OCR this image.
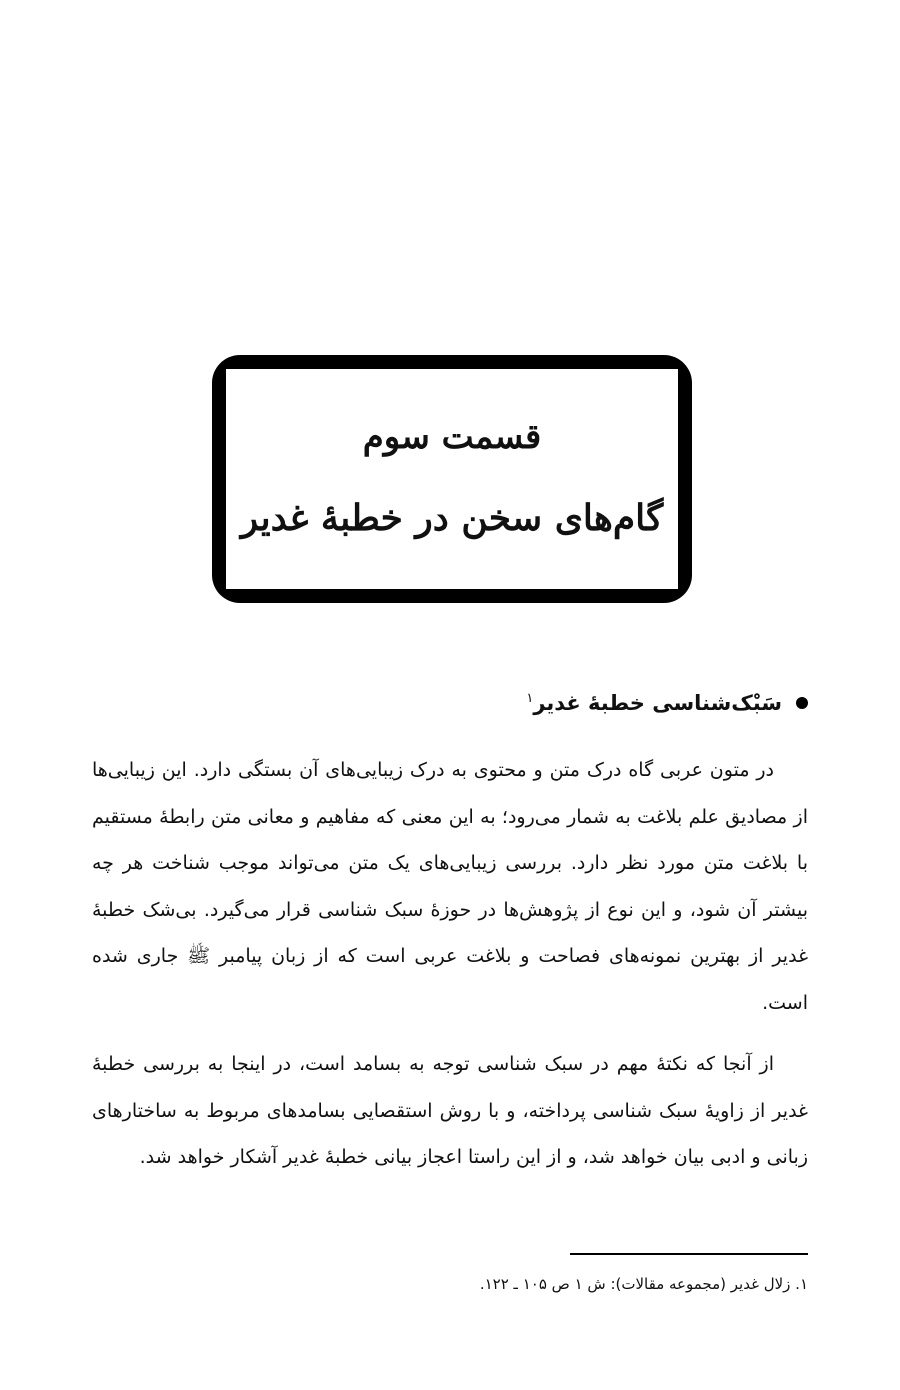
قسمت سوم
گام‌های سخن در خطبهٔ غدیر
سَبْک‌شناسی خطبهٔ غدیر$^۱$

در متون عربی گاه درک متن و محتوی به درک زیبایی‌های آن بستگی دارد. این زیبایی‌ها از مصادیق علم بلاغت به شمار می‌رود؛ به این معنی که مفاهیم و معانی متن رابطهٔ مستقیم با بلاغت متن مورد نظر دارد. بررسی زیبایی‌های یک متن می‌تواند موجب شناخت هر چه بیشتر آن شود، و این نوع از پژوهش‌ها در حوزهٔ سبک شناسی قرار می‌گیرد. بی‌شک خطبهٔ غدیر از بهترین نمونه‌های فصاحت و بلاغت عربی است که از زبان پیامبر ﷺ جاری شده است.

از آنجا که نکتهٔ مهم در سبک شناسی توجه به بسامد است، در اینجا به بررسی خطبهٔ غدیر از زاویهٔ سبک شناسی پرداخته، و با روش استقصایی بسامدهای مربوط به ساختارهای زبانی و ادبی بیان خواهد شد، و از این راستا اعجاز بیانی خطبهٔ غدیر آشکار خواهد شد.

۱. زلال غدیر (مجموعه مقالات): ش ۱ ص ۱۰۵ ـ ۱۲۲.
